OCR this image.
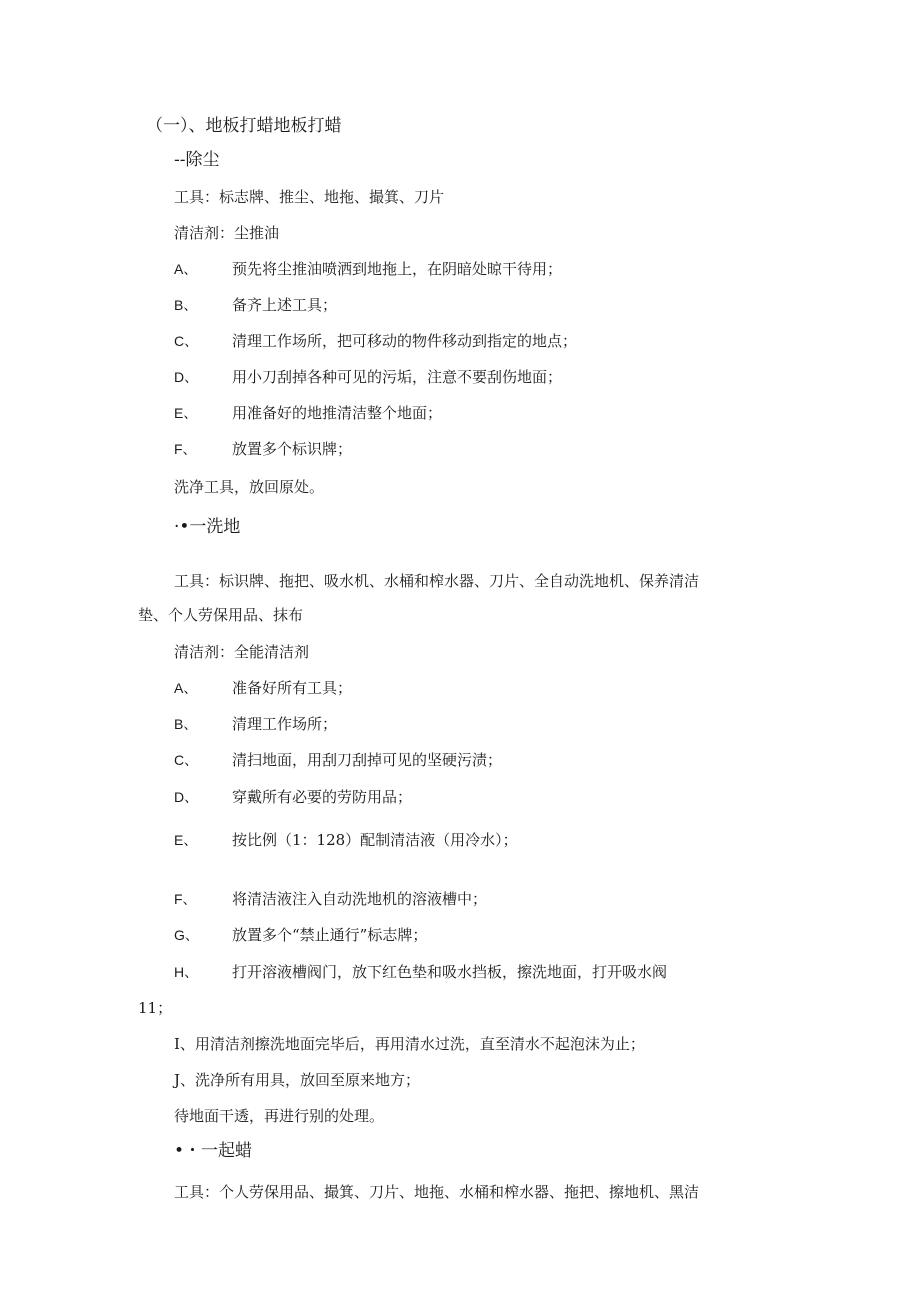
（一）、地板打蜡地板打蜡
--除尘
工具：标志牌、推尘、地拖、撮箕、刀片
清洁剂：尘推油
A、 预先将尘推油喷洒到地拖上，在阴暗处晾干待用；
B、 备齐上述工具；
C、 清理工作场所，把可移动的物件移动到指定的地点；
D、 用小刀刮掉各种可见的污垢，注意不要刮伤地面；
E、 用准备好的地推清洁整个地面；
F、 放置多个标识牌；
洗净工具，放回原处。
·•一洗地
工具：标识牌、拖把、吸水机、水桶和榨水器、刀片、全自动洗地机、保养清洁
垫、个人劳保用品、抹布
清洁剂：全能清洁剂
A、 准备好所有工具；
B、 清理工作场所；
C、 清扫地面，用刮刀刮掉可见的坚硬污渍；
D、 穿戴所有必要的劳防用品；
E、 按比例（1：128）配制清洁液（用冷水）；
F、 将清洁液注入自动洗地机的溶液槽中；
G、 放置多个“禁止通行”标志牌；
H、 打开溶液槽阀门，放下红色垫和吸水挡板，擦洗地面，打开吸水阀
11；
I、用清洁剂擦洗地面完毕后，再用清水过洗，直至清水不起泡沫为止；
J、洗净所有用具，放回至原来地方；
待地面干透，再进行别的处理。
•・一起蜡
工具：个人劳保用品、撮箕、刀片、地拖、水桶和榨水器、拖把、擦地机、黑洁
